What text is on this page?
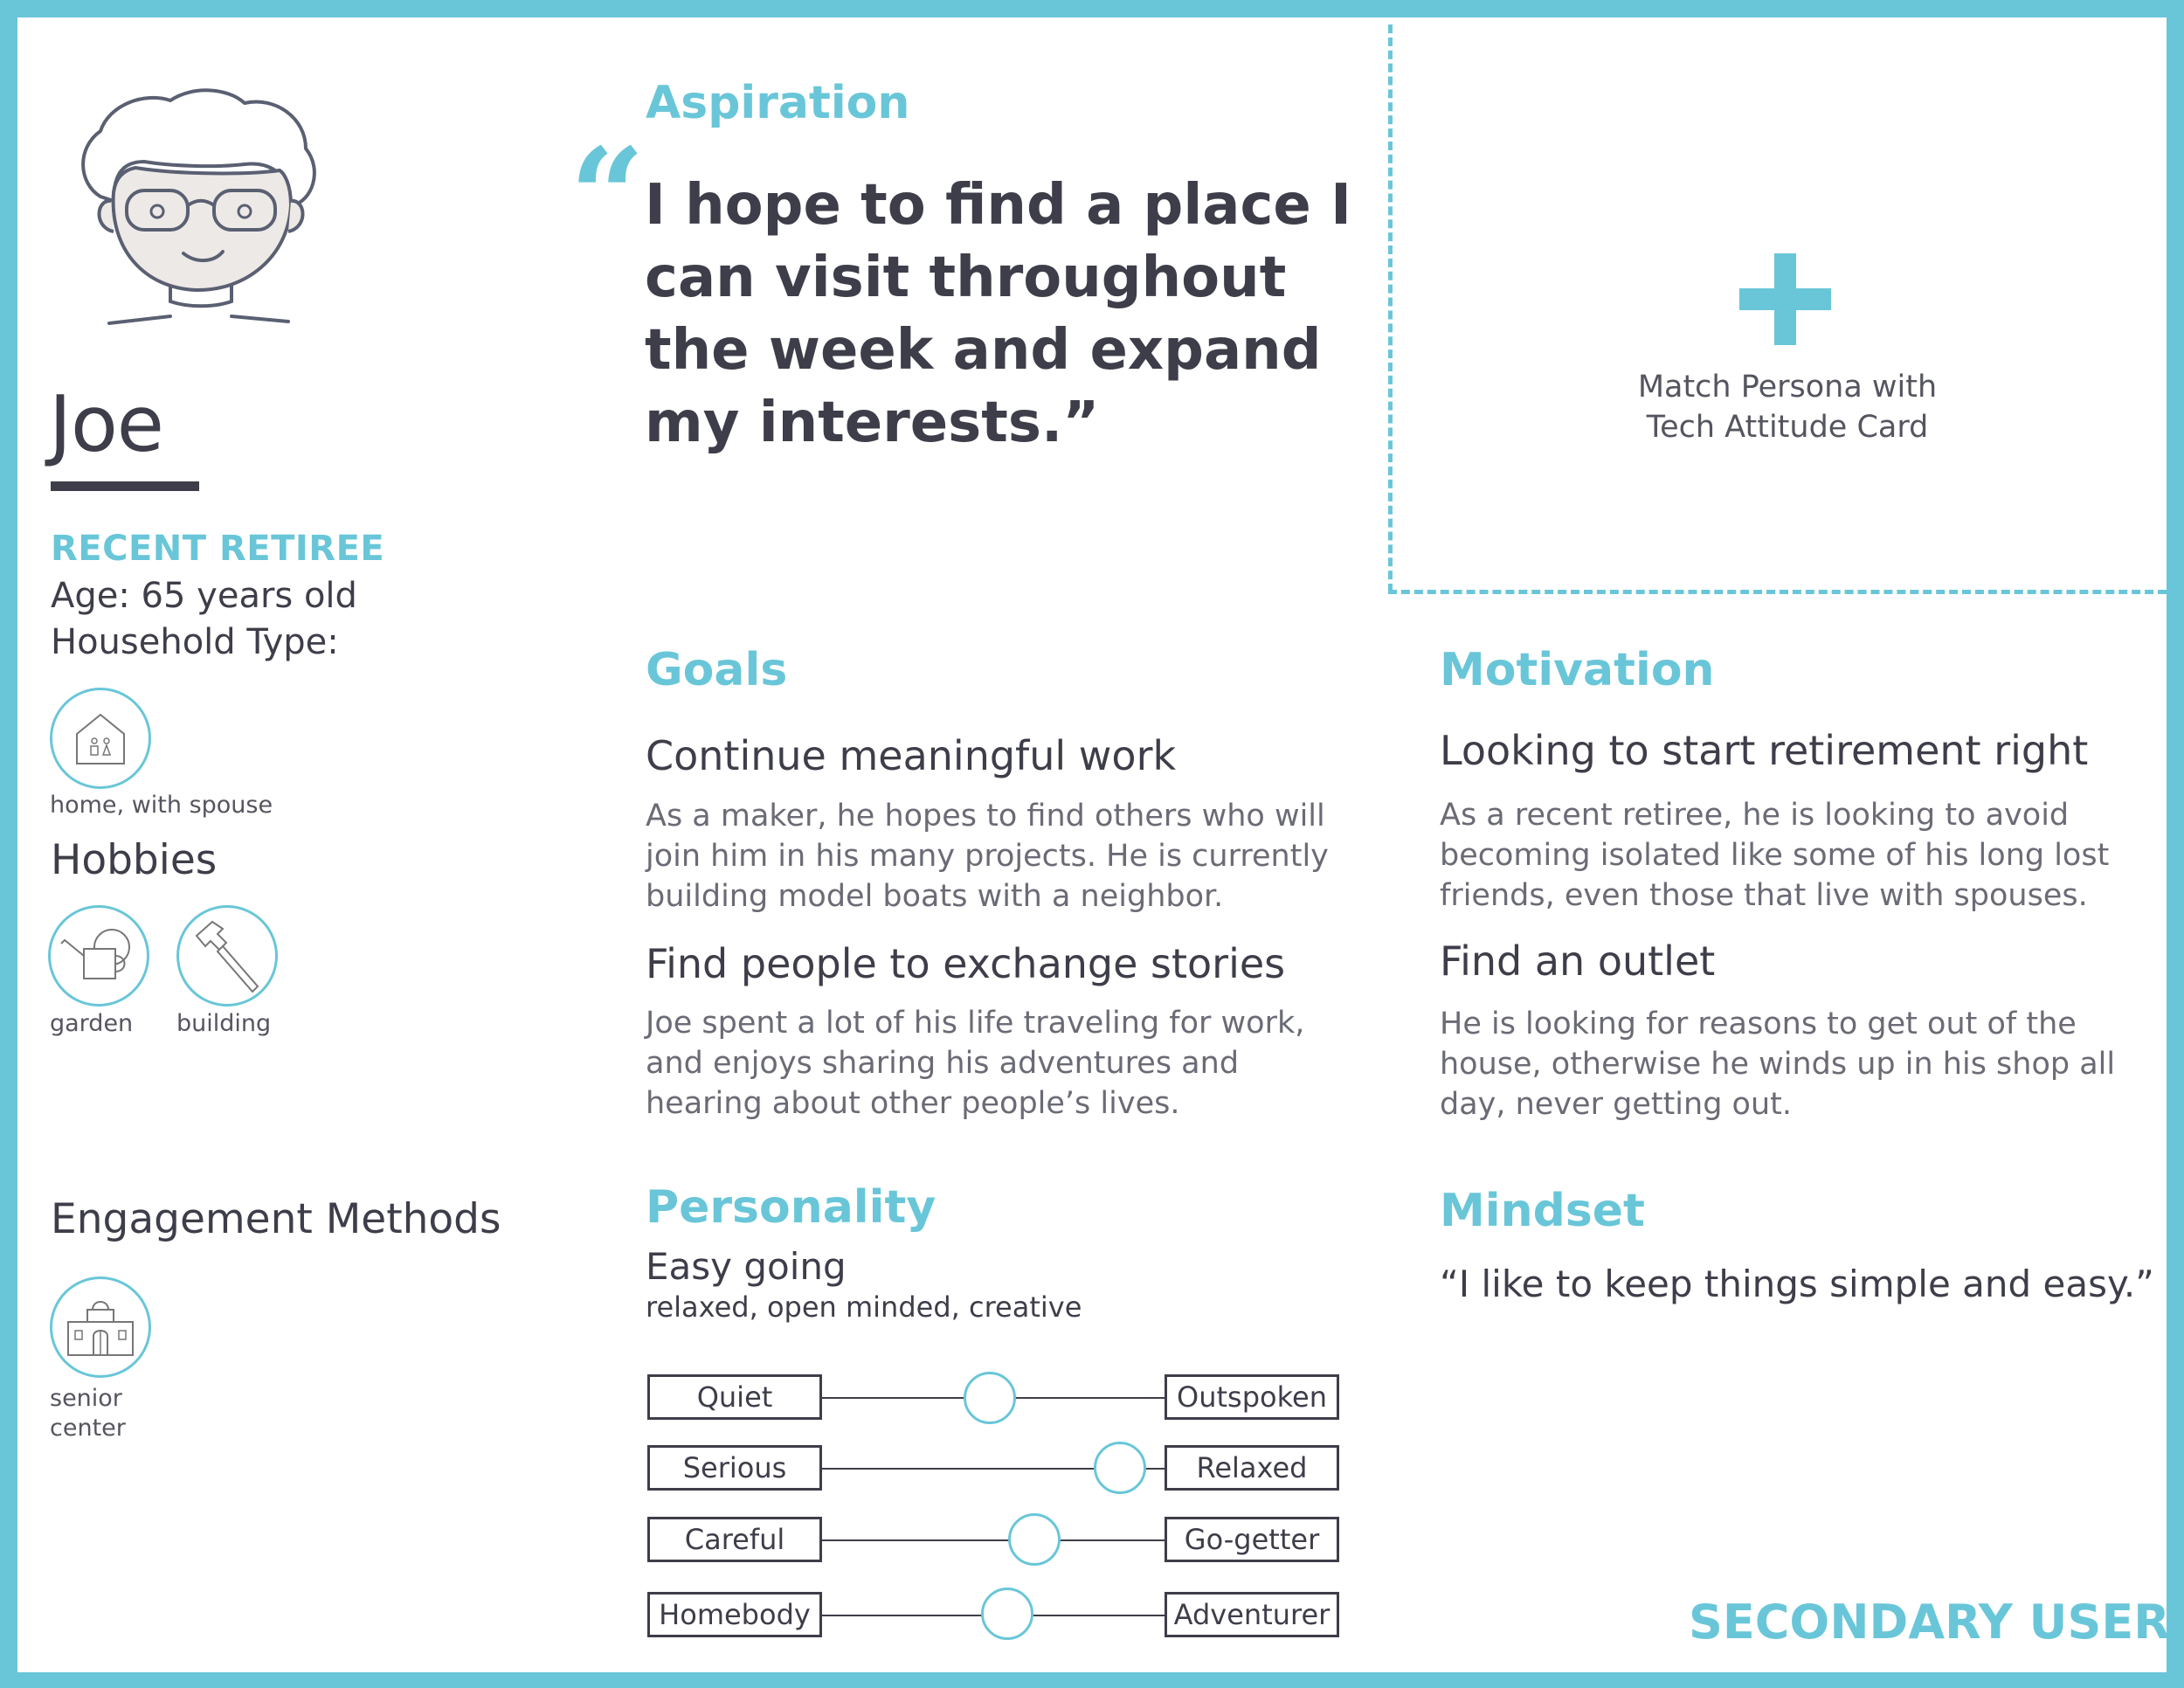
Joe
RECENT RETIREE
Age: 65 years old
Household Type:
home, with spouse
Hobbies
garden building
Engagement Methods
senior center
Aspiration
“ I hope to find a place I can visit throughout the week and expand my interests.”
Match Persona with Tech Attitude Card
Goals
Continue meaningful work
As a maker, he hopes to find others who will join him in his many projects. He is currently building model boats with a neighbor.
Find people to exchange stories
Joe spent a lot of his life traveling for work, and enjoys sharing his adventures and hearing about other people’s lives.
Motivation
Looking to start retirement right
As a recent retiree, he is looking to avoid becoming isolated like some of his long lost friends, even those that live with spouses.
Find an outlet
He is looking for reasons to get out of the house, otherwise he winds up in his shop all day, never getting out.
Personality
Easy going
relaxed, open minded, creative
Quiet	Outspoken
Serious	Relaxed
Careful	Go-getter
Homebody	Adventurer
Mindset
“I like to keep things simple and easy.”
SECONDARY USER
